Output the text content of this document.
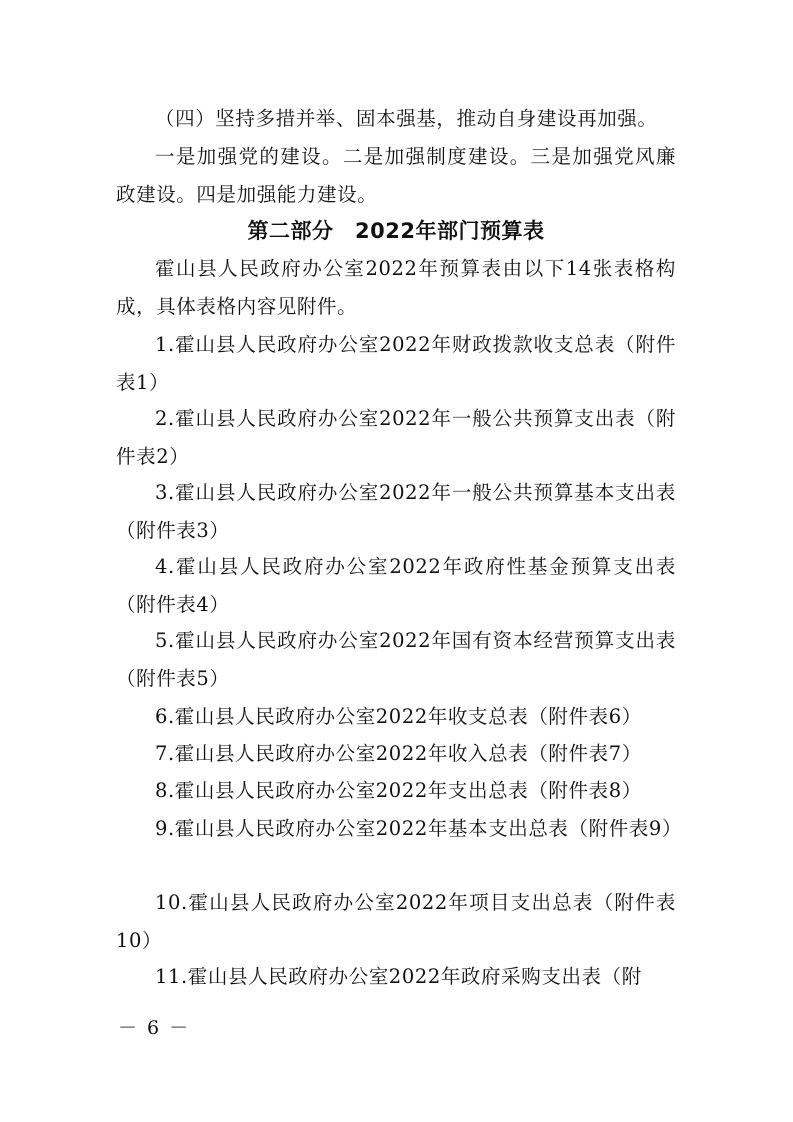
（四）坚持多措并举、固本强基，推动自身建设再加强。
一是加强党的建设。二是加强制度建设。三是加强党风廉政建设。四是加强能力建设。
第二部分　2022年部门预算表
霍山县人民政府办公室2022年预算表由以下14张表格构成，具体表格内容见附件。
1.霍山县人民政府办公室2022年财政拨款收支总表（附件表1）
2.霍山县人民政府办公室2022年一般公共预算支出表（附件表2）
3.霍山县人民政府办公室2022年一般公共预算基本支出表（附件表3）
4.霍山县人民政府办公室2022年政府性基金预算支出表（附件表4）
5.霍山县人民政府办公室2022年国有资本经营预算支出表（附件表5）
6.霍山县人民政府办公室2022年收支总表（附件表6）
7.霍山县人民政府办公室2022年收入总表（附件表7）
8.霍山县人民政府办公室2022年支出总表（附件表8）
9.霍山县人民政府办公室2022年基本支出总表（附件表9）
10.霍山县人民政府办公室2022年项目支出总表（附件表10）
11.霍山县人民政府办公室2022年政府采购支出表（附
－ 6 －
